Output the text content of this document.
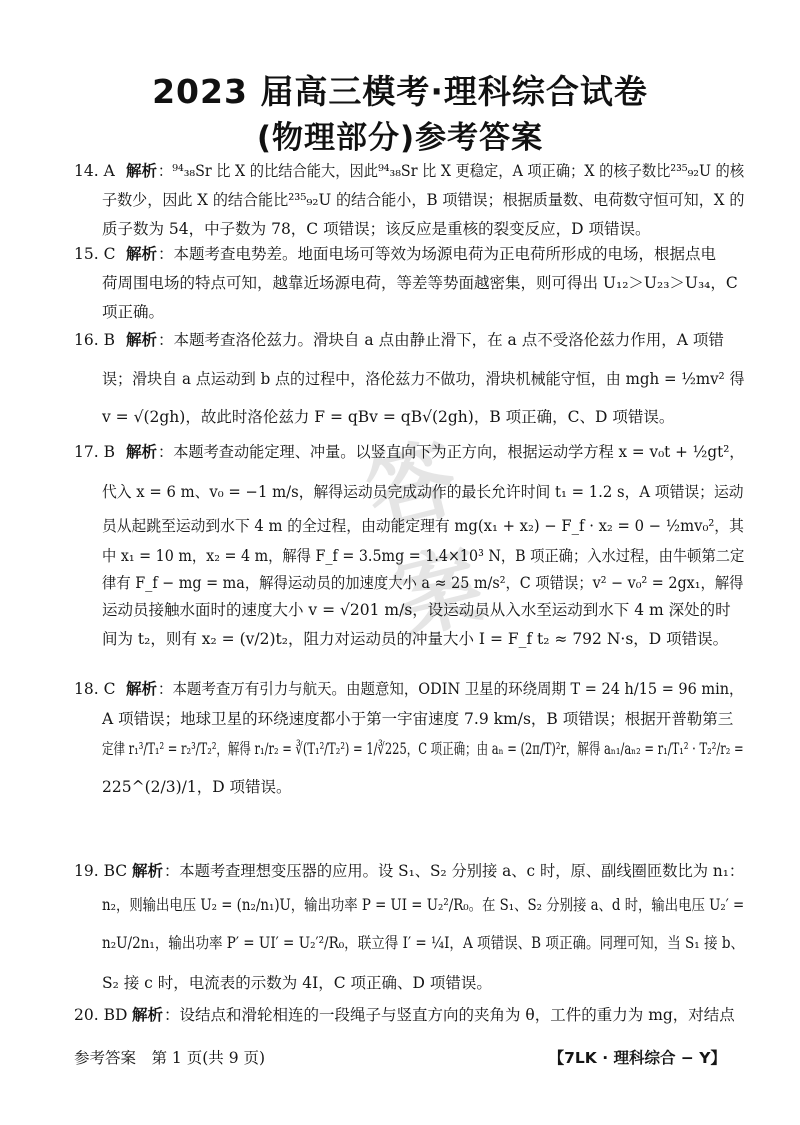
2023 届高三模考·理科综合试卷
(物理部分)参考答案
答案
14. A 解析 ：⁹⁴₃₈Sr 比 X 的比结合能大，因此⁹⁴₃₈Sr 比 X 更稳定，A 项正确；X 的核子数比²³⁵₉₂U 的核
子数少，因此 X 的结合能比²³⁵₉₂U 的结合能小，B 项错误；根据质量数、电荷数守恒可知，X 的
质子数为 54，中子数为 78，C 项错误；该反应是重核的裂变反应，D 项错误。
15. C 解析 ：本题考查电势差。地面电场可等效为场源电荷为正电荷所形成的电场，根据点电
荷周围电场的特点可知，越靠近场源电荷，等差等势面越密集，则可得出 U₁₂＞U₂₃＞U₃₄，C
项正确。
16. B 解析 ：本题考查洛伦兹力。滑块自 a 点由静止滑下，在 a 点不受洛伦兹力作用，A 项错
误；滑块自 a 点运动到 b 点的过程中，洛伦兹力不做功，滑块机械能守恒，由 mgh = ½mv² 得
v = √(2gh)，故此时洛伦兹力 F = qBv = qB√(2gh)，B 项正确，C、D 项错误。
17. B 解析 ：本题考查动能定理、冲量。以竖直向下为正方向，根据运动学方程 x = v₀t + ½gt²，
代入 x = 6 m、v₀ = −1 m/s，解得运动员完成动作的最长允许时间 t₁ = 1.2 s，A 项错误；运动
员从起跳至运动到水下 4 m 的全过程，由动能定理有 mg(x₁ + x₂) − F_f · x₂ = 0 − ½mv₀²，其
中 x₁ = 10 m，x₂ = 4 m，解得 F_f = 3.5mg = 1.4×10³ N，B 项正确；入水过程，由牛顿第二定
律有 F_f − mg = ma，解得运动员的加速度大小 a ≈ 25 m/s²，C 项错误；v² − v₀² = 2gx₁，解得
运动员接触水面时的速度大小 v = √201 m/s，设运动员从入水至运动到水下 4 m 深处的时
间为 t₂，则有 x₂ = (v/2)t₂，阻力对运动员的冲量大小 I = F_f t₂ ≈ 792 N·s，D 项错误。
18. C 解析 ：本题考查万有引力与航天。由题意知，ODIN 卫星的环绕周期 T = 24 h/15 = 96 min，
A 项错误；地球卫星的环绕速度都小于第一宇宙速度 7.9 km/s，B 项错误；根据开普勒第三
定律 r₁³/T₁² = r₂³/T₂²，解得 r₁/r₂ = ∛(T₁²/T₂²) = 1/∛225，C 项正确；由 aₙ = (2π/T)²r，解得 aₙ₁/aₙ₂ = r₁/T₁² · T₂²/r₂ =
225^(2/3)/1，D 项错误。
19. BC 解析 ：本题考查理想变压器的应用。设 S₁、S₂ 分别接 a、c 时，原、副线圈匝数比为 n₁：
n₂，则输出电压 U₂ = (n₂/n₁)U，输出功率 P = UI = U₂²/R₀。在 S₁、S₂ 分别接 a、d 时，输出电压 U₂′ =
n₂U/2n₁，输出功率 P′ = UI′ = U₂′²/R₀，联立得 I′ = ¼I，A 项错误、B 项正确。同理可知，当 S₁ 接 b、
S₂ 接 c 时，电流表的示数为 4I，C 项正确、D 项错误。
20. BD 解析 ：设结点和滑轮相连的一段绳子与竖直方向的夹角为 θ，工件的重力为 mg，对结点
参考答案　第 1 页(共 9 页)	【7LK · 理科综合 − Y】
